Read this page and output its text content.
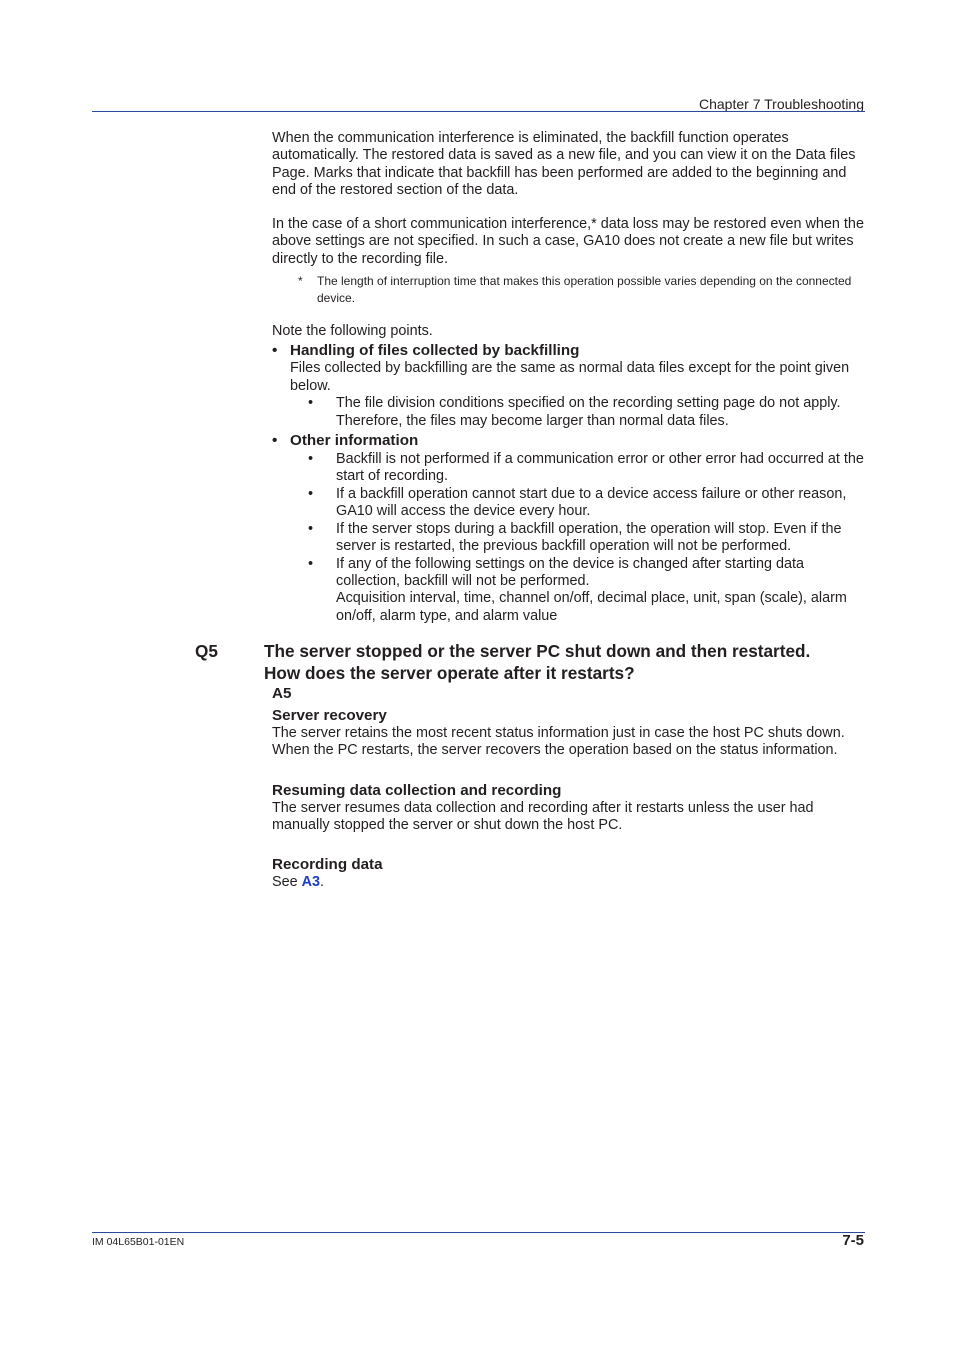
Chapter 7 Troubleshooting

When the communication interference is eliminated, the backfill function operates automatically. The restored data is saved as a new file, and you can view it on the Data files Page. Marks that indicate that backfill has been performed are added to the beginning and end of the restored section of the data.

In the case of a short communication interference,* data loss may be restored even when the above settings are not specified. In such a case, GA10 does not create a new file but writes directly to the recording file.

* The length of interruption time that makes this operation possible varies depending on the connected device.

Note the following points.

• Handling of files collected by backfilling

Files collected by backfilling are the same as normal data files except for the point given below.

• The file division conditions specified on the recording setting page do not apply. Therefore, the files may become larger than normal data files.
• Other information
• Backfill is not performed if a communication error or other error had occurred at the start of recording.
• If a backfill operation cannot start due to a device access failure or other reason, GA10 will access the device every hour.
• If the server stops during a backfill operation, the operation will stop. Even if the server is restarted, the previous backfill operation will not be performed.
• If any of the following settings on the device is changed after starting data collection, backfill will not be performed.
Acquisition interval, time, channel on/off, decimal place, unit, span (scale), alarm on/off, alarm type, and alarm value
Q5	The server stopped or the server PC shut down and then restarted.
How does the server operate after it restarts?
A5
Server recovery

The server retains the most recent status information just in case the host PC shuts down. When the PC restarts, the server recovers the operation based on the status information.

Resuming data collection and recording

The server resumes data collection and recording after it restarts unless the user had manually stopped the server or shut down the host PC.

Recording data

See A3.

IM 04L65B01-01EN	7-5
